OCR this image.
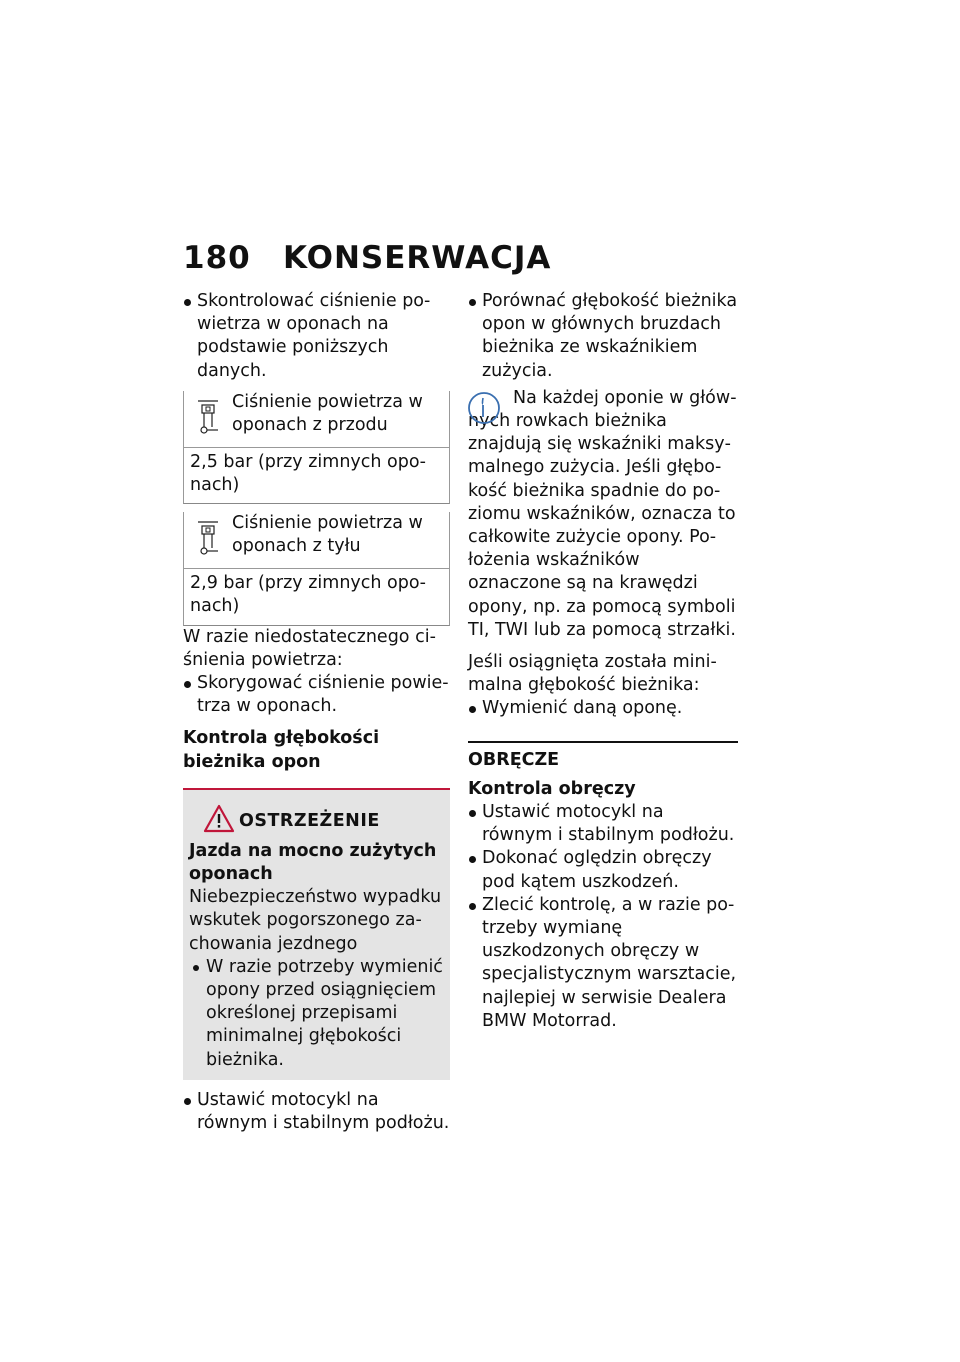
180 KONSERWACJA

Skontrolować ciśnienie powietrza w oponach na podstawie poniższych danych.

Ciśnienie powietrza w oponach z przodu
2,5 bar (przy zimnych oponach)
Ciśnienie powietrza w oponach z tyłu
2,9 bar (przy zimnych oponach)

W razie niedostatecznego ciśnienia powietrza:

Skorygować ciśnienie powietrza w oponach.

Kontrola głębokości bieżnika opon

OSTRZEŻENIE

Jazda na mocno zużytych oponach

Niebezpieczeństwo wypadku wskutek pogorszonego zachowania jezdnego

W razie potrzeby wymienić opony przed osiągnięciem określonej przepisami minimalnej głębokości bieżnika.

Ustawić motocykl na równym i stabilnym podłożu.

Porównać głębokość bieżnika opon w głównych bruzdach bieżnika ze wskaźnikiem zużycia.

Na każdej oponie w głównych rowkach bieżnika znajdują się wskaźniki maksymalnego zużycia. Jeśli głębokość bieżnika spadnie do poziomu wskaźników, oznacza to całkowite zużycie opony. Położenia wskaźników oznaczone są na krawędzi opony, np. za pomocą symboli TI, TWI lub za pomocą strzałki.

Jeśli osiągnięta została minimalna głębokość bieżnika:

Wymienić daną oponę.

OBRĘCZE

Kontrola obręczy

Ustawić motocykl na równym i stabilnym podłożu.

Dokonać oględzin obręczy pod kątem uszkodzeń.

Zlecić kontrolę, a w razie potrzeby wymianę uszkodzonych obręczy w specjalistycznym warsztacie, najlepiej w serwisie Dealera BMW Motorrad.
